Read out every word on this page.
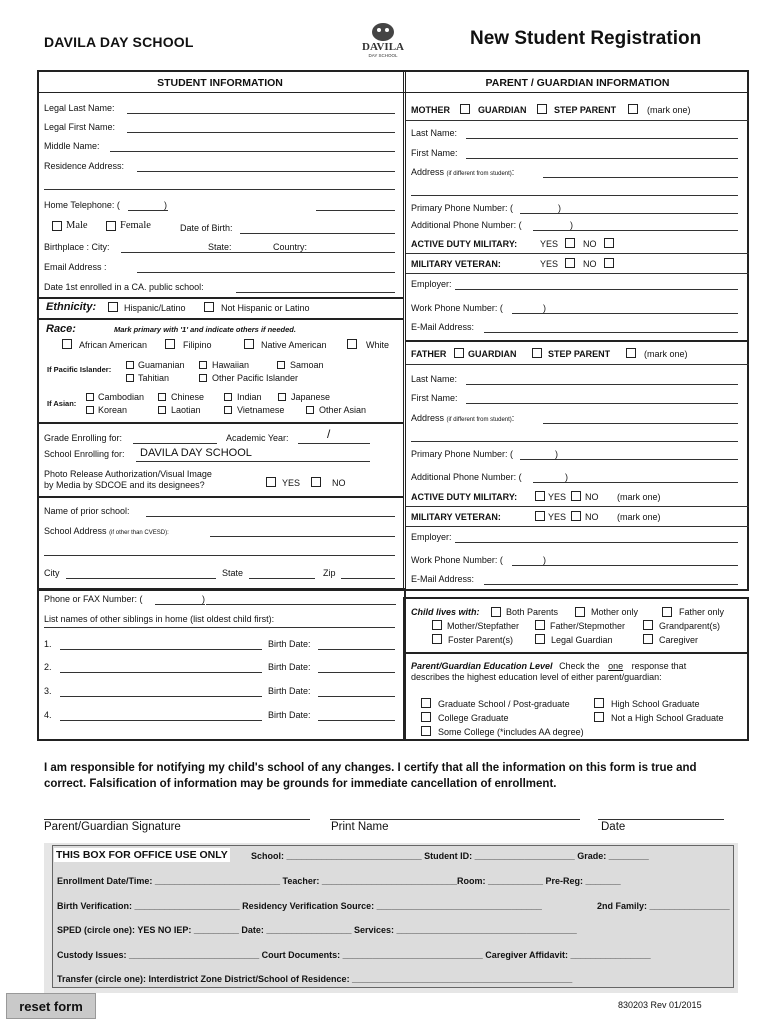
DAVILA DAY SCHOOL	DAVILA
DAY SCHOOL
New Student Registration
STUDENT INFORMATION	PARENT / GUARDIAN INFORMATION
Legal Last Name:
Legal First Name:
Middle Name:
Residence Address:
Home Telephone: (	)
Male	Female	Date of Birth:
Birthplace : City:	State:	Country:
Email Address :
Date 1st enrolled in a CA. public school:
Ethnicity:	Hispanic/Latino	Not Hispanic or Latino
Race:	Mark primary with '1' and indicate others if needed.
African American	Filipino	Native American	White
If Pacific Islander:	Guamanian	Hawaiian	Samoan
Tahitian	Other Pacific Islander
If Asian:
Cambodian	Chinese	Indian	Japanese
Korean	Laotian	Vietnamese	Other Asian
Grade Enrolling for:	Academic Year:	/
School Enrolling for: DAVILA DAY SCHOOL
Photo Release Authorization/Visual Image
by Media by SDCOE and its designees?	YES	NO
Name of prior school:
School Address (if other than CVESD):
City	State	Zip
Phone or FAX Number: (	)
List names of other siblings in home (list oldest child first):
1.	Birth Date:
2.	Birth Date:
3.	Birth Date:
4.	Birth Date:
MOTHER	GUARDIAN	STEP PARENT	(mark one)
Last Name:
First Name:
Address (if different from student):
Primary Phone Number: (	)
Additional Phone Number: (	)
ACTIVE DUTY MILITARY:	YES	NO
MILITARY VETERAN:	YES	NO
Employer:
Work Phone Number: (	)
E-Mail Address:
FATHER GUARDIAN	STEP PARENT	(mark one)
Last Name:
First Name:
Address (if different from student):
Primary Phone Number: (	)
Additional Phone Number: (	)
ACTIVE DUTY MILITARY:	YES NO (mark one)
MILITARY VETERAN:	YES NO (mark one)
Employer:
Work Phone Number: (	)
E-Mail Address:
Child lives with:	Both Parents	Mother only	Father only
Mother/Stepfather	Father/Stepmother	Grandparent(s)
Foster Parent(s)	Legal Guardian	Caregiver
Parent/Guardian Education Level Check the one response that
describes the highest education level of either parent/guardian:
Graduate School / Post-graduate	High School Graduate
College Graduate	Not a High School Graduate
Some College (*includes AA degree)
I am responsible for notifying my child's school of any changes. I certify that all the information on this form is true and correct. Falsification of information may be grounds for immediate cancellation of enrollment.
Parent/Guardian Signature	Print Name	Date
THIS BOX FOR OFFICE USE ONLY	School: ___________________________ Student ID: ____________________ Grade: ________
Enrollment Date/Time: _________________________ Teacher: ___________________________Room: ___________ Pre-Reg: _______
Birth Verification: _____________________ Residency Verification Source: _________________________________	2nd Family: ________________
SPED (circle one): YES NO IEP: _________ Date: _________________ Services: ____________________________________
Custody Issues: __________________________ Court Documents: ____________________________ Caregiver Affidavit: ________________
Transfer (circle one): Interdistrict Zone District/School of Residence: ____________________________________________
reset form	830203 Rev 01/2015
